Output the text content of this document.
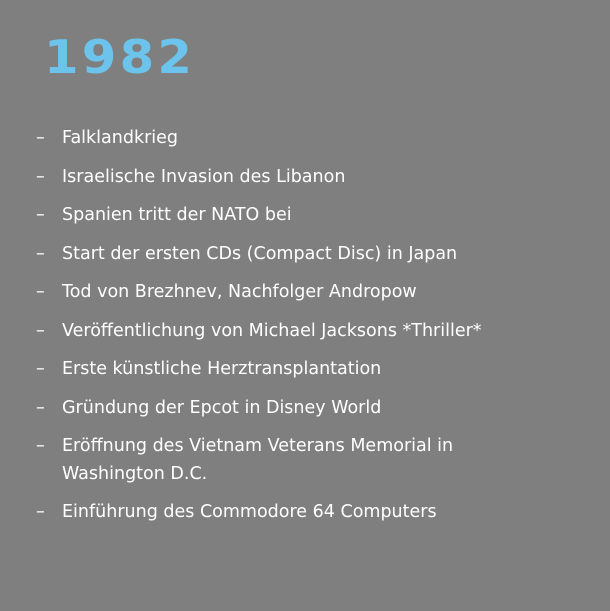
1982
– Falklandkrieg
– Israelische Invasion des Libanon
– Spanien tritt der NATO bei
– Start der ersten CDs (Compact Disc) in Japan
– Tod von Brezhnev, Nachfolger Andropow
– Veröffentlichung von Michael Jacksons *Thriller*
– Erste künstliche Herztransplantation
– Gründung der Epcot in Disney World
– Eröffnung des Vietnam Veterans Memorial in Washington D.C.
– Einführung des Commodore 64 Computers
